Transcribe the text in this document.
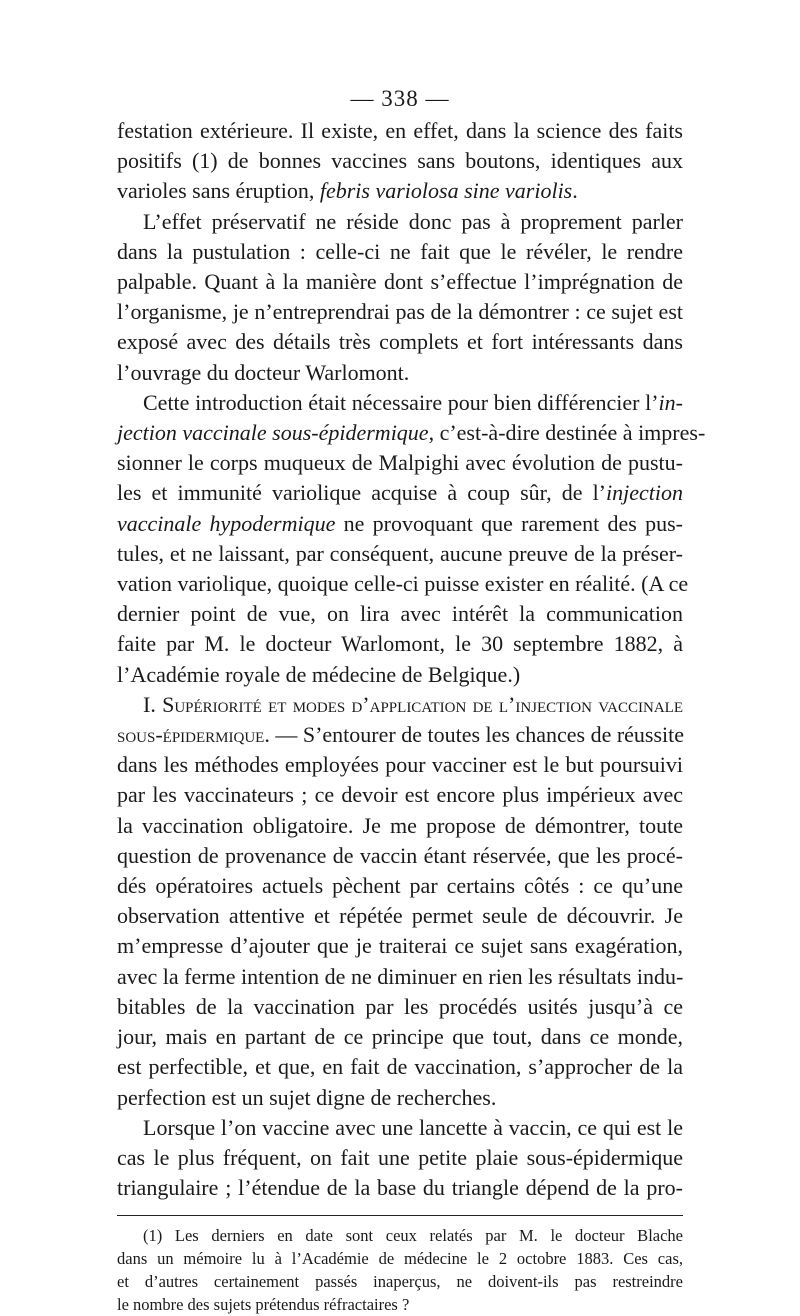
— 338 —
festation extérieure. Il existe, en effet, dans la science des faits
positifs (1) de bonnes vaccines sans boutons, identiques aux
varioles sans éruption, febris variolosa sine variolis.
L’effet préservatif ne réside donc pas à proprement parler
dans la pustulation : celle-ci ne fait que le révéler, le rendre
palpable. Quant à la manière dont s’effectue l’imprégnation de
l’organisme, je n’entreprendrai pas de la démontrer : ce sujet est
exposé avec des détails très complets et fort intéressants dans
l’ouvrage du docteur Warlomont.
Cette introduction était nécessaire pour bien différencier l’in-
jection vaccinale sous-épidermique, c’est-à-dire destinée à impres-
sionner le corps muqueux de Malpighi avec évolution de pustu-
les et immunité variolique acquise à coup sûr, de l’injection
vaccinale hypodermique ne provoquant que rarement des pus-
tules, et ne laissant, par conséquent, aucune preuve de la préser-
vation variolique, quoique celle-ci puisse exister en réalité. (A ce
dernier point de vue, on lira avec intérêt la communication
faite par M. le docteur Warlomont, le 30 septembre 1882, à
l’Académie royale de médecine de Belgique.)
I. Supériorité et modes d’application de l’injection vaccinale
sous-épidermique. — S’entourer de toutes les chances de réussite
dans les méthodes employées pour vacciner est le but poursuivi
par les vaccinateurs ; ce devoir est encore plus impérieux avec
la vaccination obligatoire. Je me propose de démontrer, toute
question de provenance de vaccin étant réservée, que les procé-
dés opératoires actuels pèchent par certains côtés : ce qu’une
observation attentive et répétée permet seule de découvrir. Je
m’empresse d’ajouter que je traiterai ce sujet sans exagération,
avec la ferme intention de ne diminuer en rien les résultats indu-
bitables de la vaccination par les procédés usités jusqu’à ce
jour, mais en partant de ce principe que tout, dans ce monde,
est perfectible, et que, en fait de vaccination, s’approcher de la
perfection est un sujet digne de recherches.
Lorsque l’on vaccine avec une lancette à vaccin, ce qui est le
cas le plus fréquent, on fait une petite plaie sous-épidermique
triangulaire ; l’étendue de la base du triangle dépend de la pro-
(1) Les derniers en date sont ceux relatés par M. le docteur Blache
dans un mémoire lu à l’Académie de médecine le 2 octobre 1883. Ces cas,
et d’autres certainement passés inaperçus, ne doivent-ils pas restreindre
le nombre des sujets prétendus réfractaires ?
